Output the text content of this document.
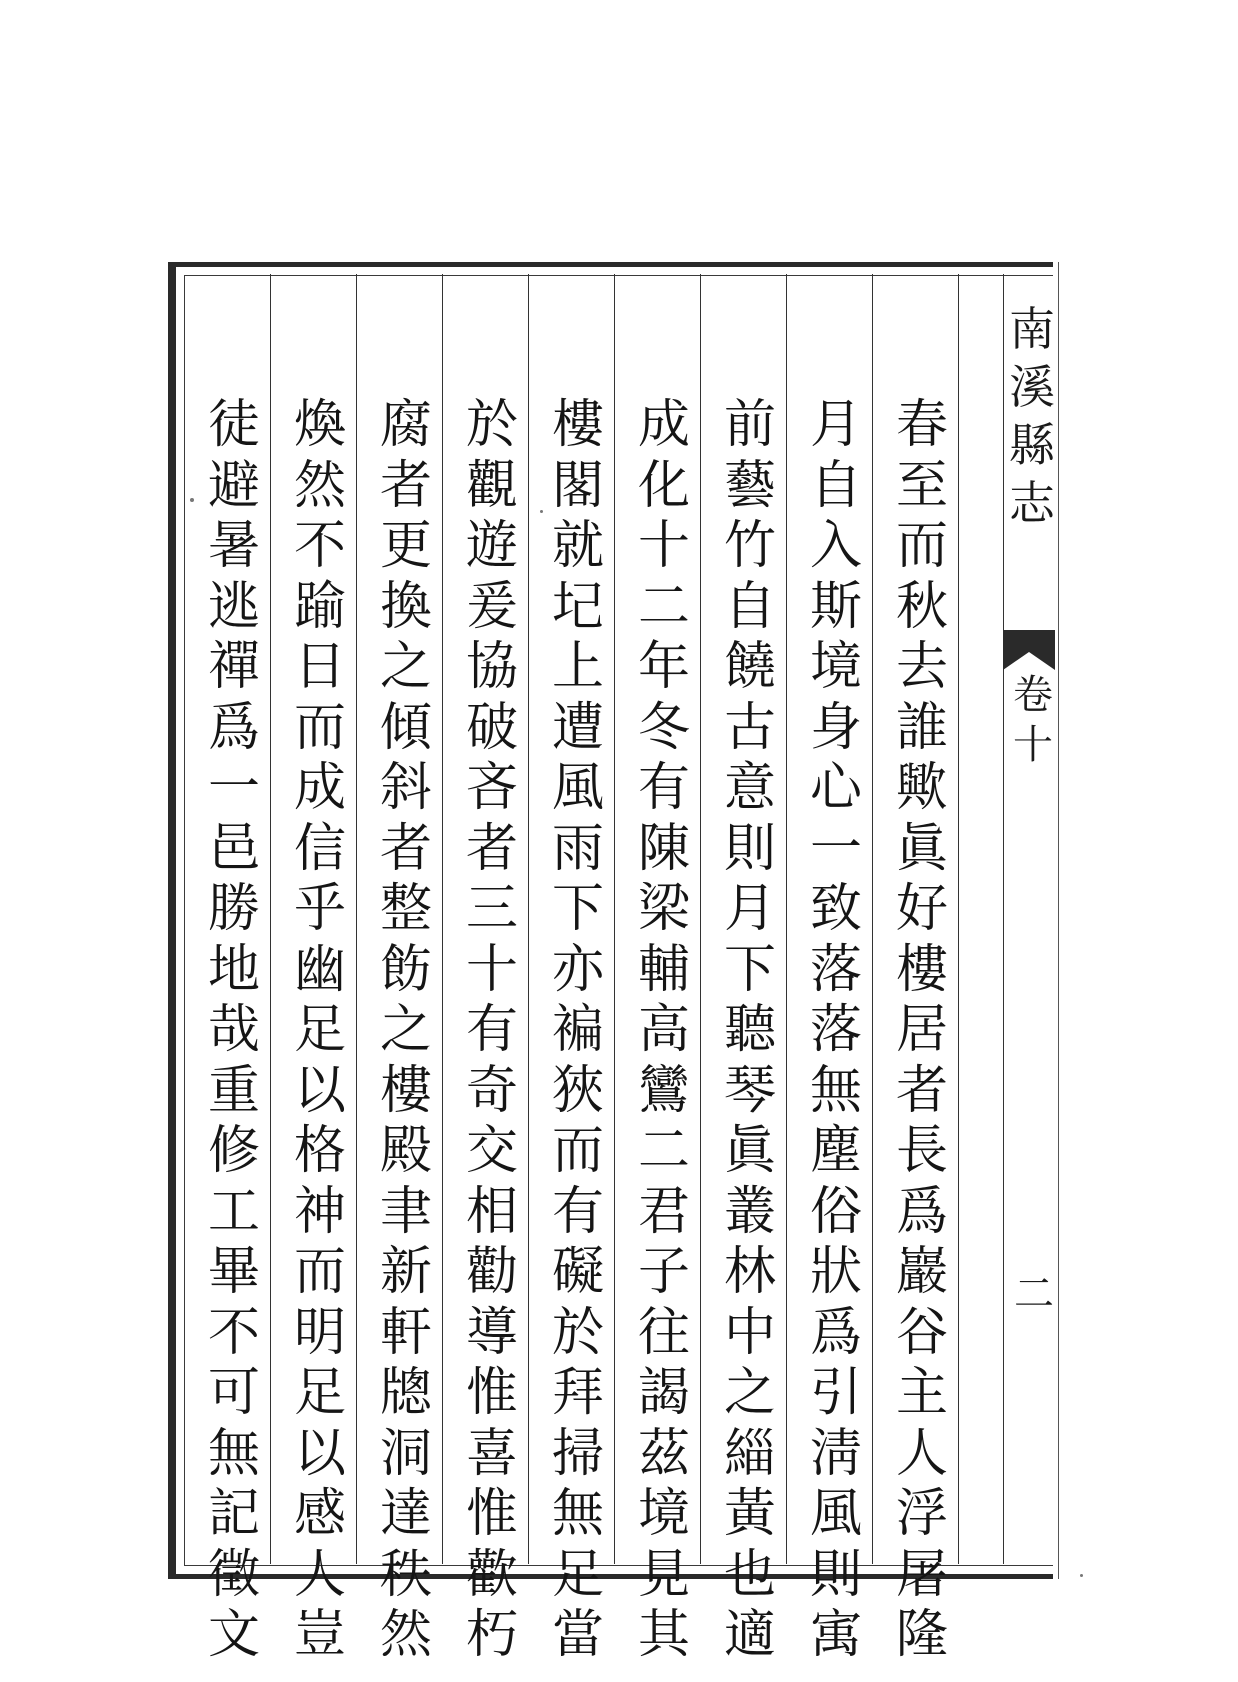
南
溪
縣
志
卷
十
二
春
至
而
秋
去
誰
歟
眞
好
樓
居
者
長
爲
巖
谷
主
人
浮
屠
隆
月
自
入
斯
境
身
心
一
致
落
落
無
塵
俗
狀
爲
引
淸
風
則
㝢
前
藝
竹
自
饒
古
意
則
月
下
聽
琴
眞
叢
林
中
之
緇
黃
也
適
成
化
十
二
年
冬
有
陳
梁
輔
高
鸞
二
君
子
往
謁
茲
境
見
其
樓
閣
就
圮
上
遭
風
雨
下
亦
褊
狹
而
有
礙
於
拜
掃
無
足
當
於
觀
遊
爰
協
破
吝
者
三
十
有
奇
交
相
勸
導
惟
喜
惟
歡
朽
腐
者
更
換
之
傾
斜
者
整
飭
之
樓
殿
聿
新
軒
牕
洞
達
秩
然
煥
然
不
踰
日
而
成
信
乎
幽
足
以
格
神
而
明
足
以
感
人
豈
徒
避
暑
逃
禪
爲
一
邑
勝
地
哉
重
修
工
畢
不
可
無
記
徵
文
